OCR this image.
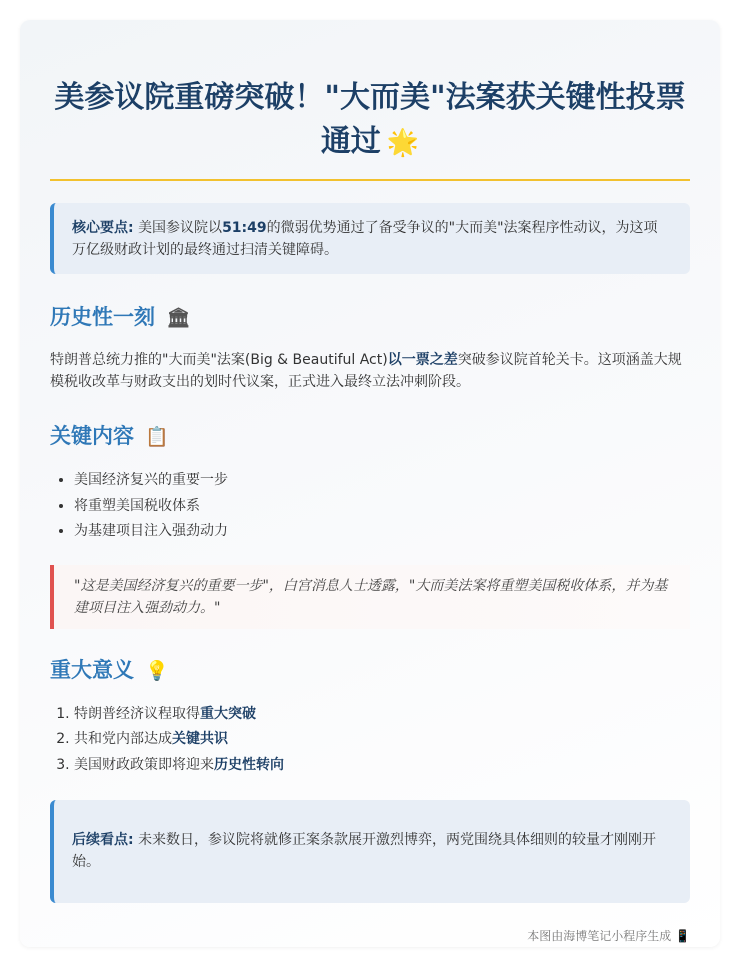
美参议院重磅突破！"大而美"法案获关键性投票通过 🌟
核心要点: 美国参议院以51:49的微弱优势通过了备受争议的"大而美"法案程序性动议，为这项万亿级财政计划的最终通过扫清关键障碍。
历史性一刻 🏛
特朗普总统力推的"大而美"法案(Big & Beautiful Act)以一票之差突破参议院首轮关卡。这项涵盖大规模税收改革与财政支出的划时代议案，正式进入最终立法冲刺阶段。
关键内容 📋
• 美国经济复兴的重要一步
• 将重塑美国税收体系
• 为基建项目注入强劲动力
"这是美国经济复兴的重要一步"，白宫消息人士透露，"大而美法案将重塑美国税收体系，并为基建项目注入强劲动力。"
重大意义 💡
1. 特朗普经济议程取得重大突破
2. 共和党内部达成关键共识
3. 美国财政政策即将迎来历史性转向
后续看点: 未来数日，参议院将就修正案条款展开激烈博弈，两党围绕具体细则的较量才刚刚开始。
本图由海博笔记小程序生成 📱
